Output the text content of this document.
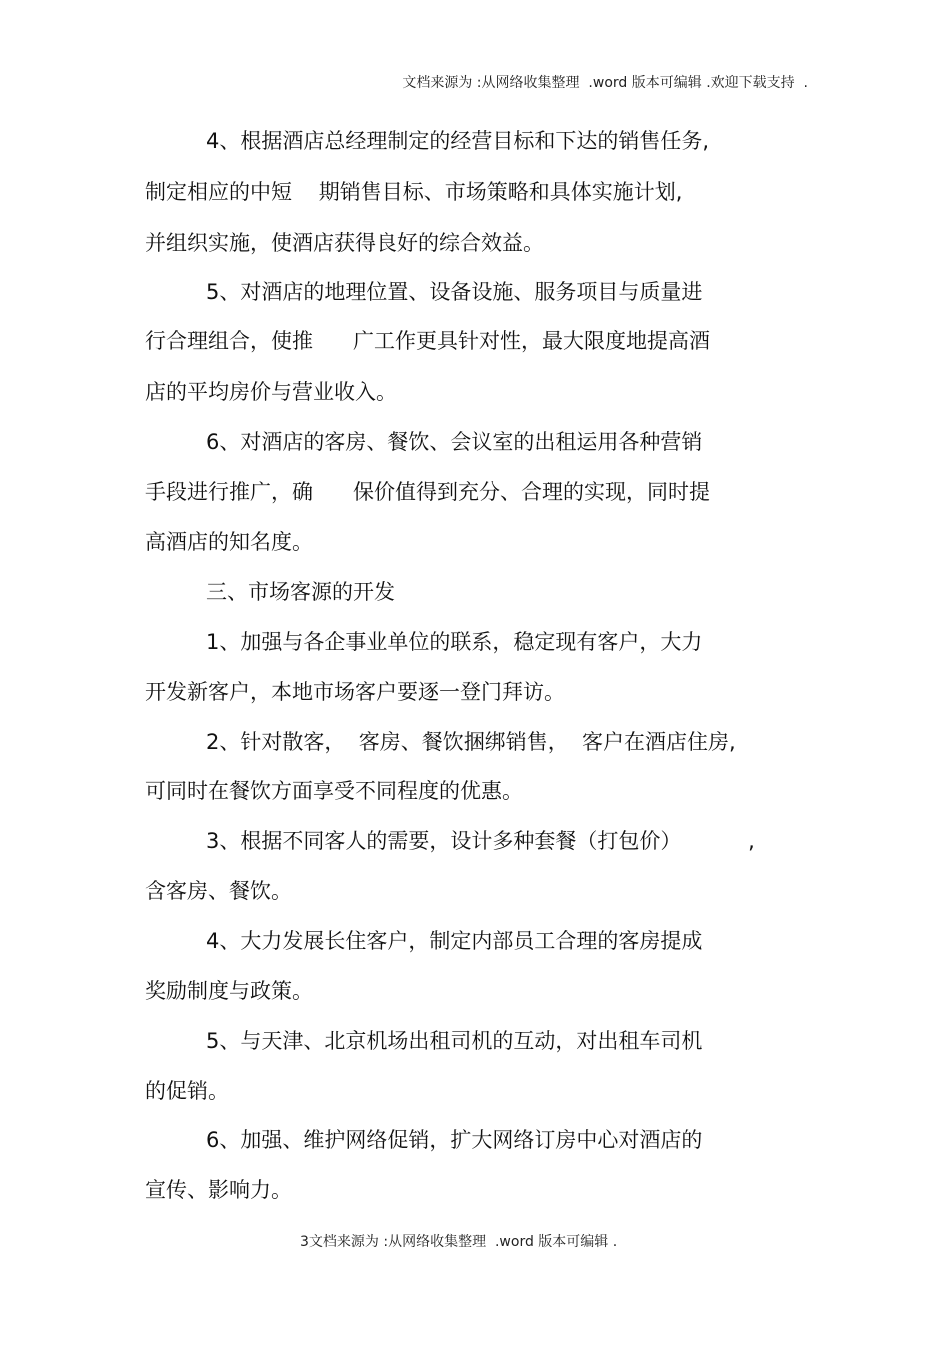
文档来源为 :从网络收集整理  .word 版本可编辑 .欢迎下载支持  .
4、根据酒店总经理制定的经营目标和下达的销售任务,
制定相应的中短    期销售目标、市场策略和具体实施计划,
并组织实施，使酒店获得良好的综合效益。
5、对酒店的地理位置、设备设施、服务项目与质量进
行合理组合，使推      广工作更具针对性，最大限度地提高酒
店的平均房价与营业收入。
6、对酒店的客房、餐饮、会议室的出租运用各种营销
手段进行推广，确      保价值得到充分、合理的实现，同时提
高酒店的知名度。
三、市场客源的开发
1、加强与各企事业单位的联系，稳定现有客户，大力
开发新客户，本地市场客户要逐一登门拜访。
2、针对散客，  客房、餐饮捆绑销售，  客户在酒店住房,
可同时在餐饮方面享受不同程度的优惠。
3、根据不同客人的需要，设计多种套餐（打包价）          ,
含客房、餐饮。
4、大力发展长住客户，制定内部员工合理的客房提成
奖励制度与政策。
5、与天津、北京机场出租司机的互动，对出租车司机
的促销。
6、加强、维护网络促销，扩大网络订房中心对酒店的
宣传、影响力。
3文档来源为 :从网络收集整理  .word 版本可编辑 .
